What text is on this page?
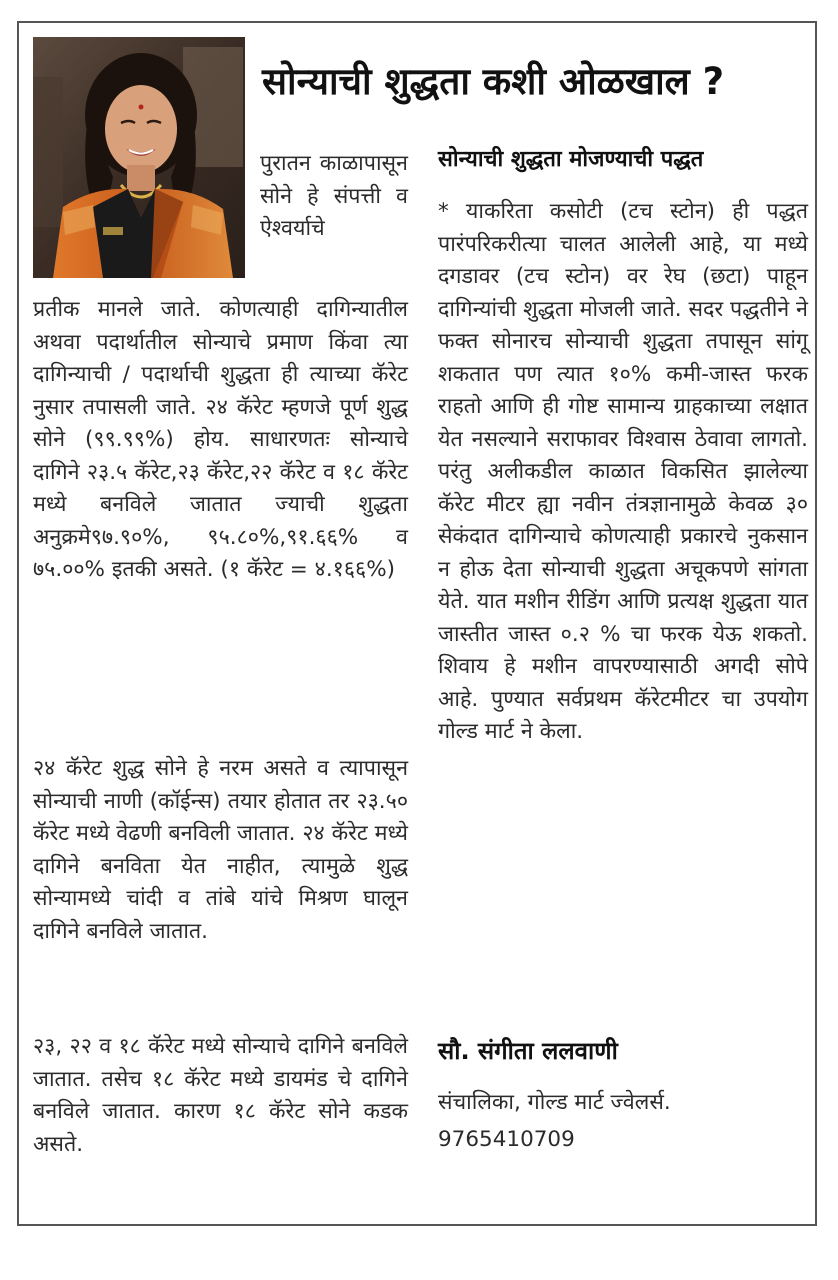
सोन्याची शुद्धता कशी ओळखाल ?

पुरातन काळापासून सोने हे संपत्ती व ऐश्वर्याचे

प्रतीक मानले जाते. कोणत्याही दागिन्यातील अथवा पदार्थातील सोन्याचे प्रमाण किंवा त्या दागिन्याची / पदार्थाची शुद्धता ही त्याच्या कॅरेट नुसार तपासली जाते. २४ कॅरेट म्हणजे पूर्ण शुद्ध सोने (९९.९९%) होय. साधारणतः सोन्याचे दागिने २३.५ कॅरेट,२३ कॅरेट,२२ कॅरेट व १८ कॅरेट मध्ये बनविले जातात ज्याची शुद्धता अनुक्रमे९७.९०%, ९५.८०%,९१.६६% व ७५.००% इतकी असते. (१ कॅरेट = ४.१६६%)

२४ कॅरेट शुद्ध सोने हे नरम असते व त्यापासून सोन्याची नाणी (कॉईन्स) तयार होतात तर २३.५० कॅरेट मध्ये वेढणी बनविली जातात. २४ कॅरेट मध्ये दागिने बनविता येत नाहीत, त्यामुळे शुद्ध सोन्यामध्ये चांदी व तांबे यांचे मिश्रण घालून दागिने बनविले जातात.

२३, २२ व १८ कॅरेट मध्ये सोन्याचे दागिने बनविले जातात. तसेच १८ कॅरेट मध्ये डायमंड चे दागिने बनविले जातात. कारण १८ कॅरेट सोने कडक असते.

सोन्याची शुद्धता मोजण्याची पद्धत

* याकरिता कसोटी (टच स्टोन) ही पद्धत पारंपरिकरीत्या चालत आलेली आहे, या मध्ये दगडावर (टच स्टोन) वर रेघ (छटा) पाहून दागिन्यांची शुद्धता मोजली जाते. सदर पद्धतीने ने फक्त सोनारच सोन्याची शुद्धता तपासून सांगू शकतात पण त्यात १०% कमी-जास्त फरक राहतो आणि ही गोष्ट सामान्य ग्राहकाच्या लक्षात येत नसल्याने सराफावर विश्वास ठेवावा लागतो. परंतु अलीकडील काळात विकसित झालेल्या कॅरेट मीटर ह्या नवीन तंत्रज्ञानामुळे केवळ ३० सेकंदात दागिन्याचे कोणत्याही प्रकारचे नुकसान न होऊ देता सोन्याची शुद्धता अचूकपणे सांगता येते. यात मशीन रीडिंग आणि प्रत्यक्ष शुद्धता यात जास्तीत जास्त ०.२ % चा फरक येऊ शकतो. शिवाय हे मशीन वापरण्यासाठी अगदी सोपे आहे. पुण्यात सर्वप्रथम कॅरेटमीटर चा उपयोग गोल्ड मार्ट ने केला.

सौ. संगीता ललवाणी
संचालिका, गोल्ड मार्ट ज्वेलर्स.
9765410709
